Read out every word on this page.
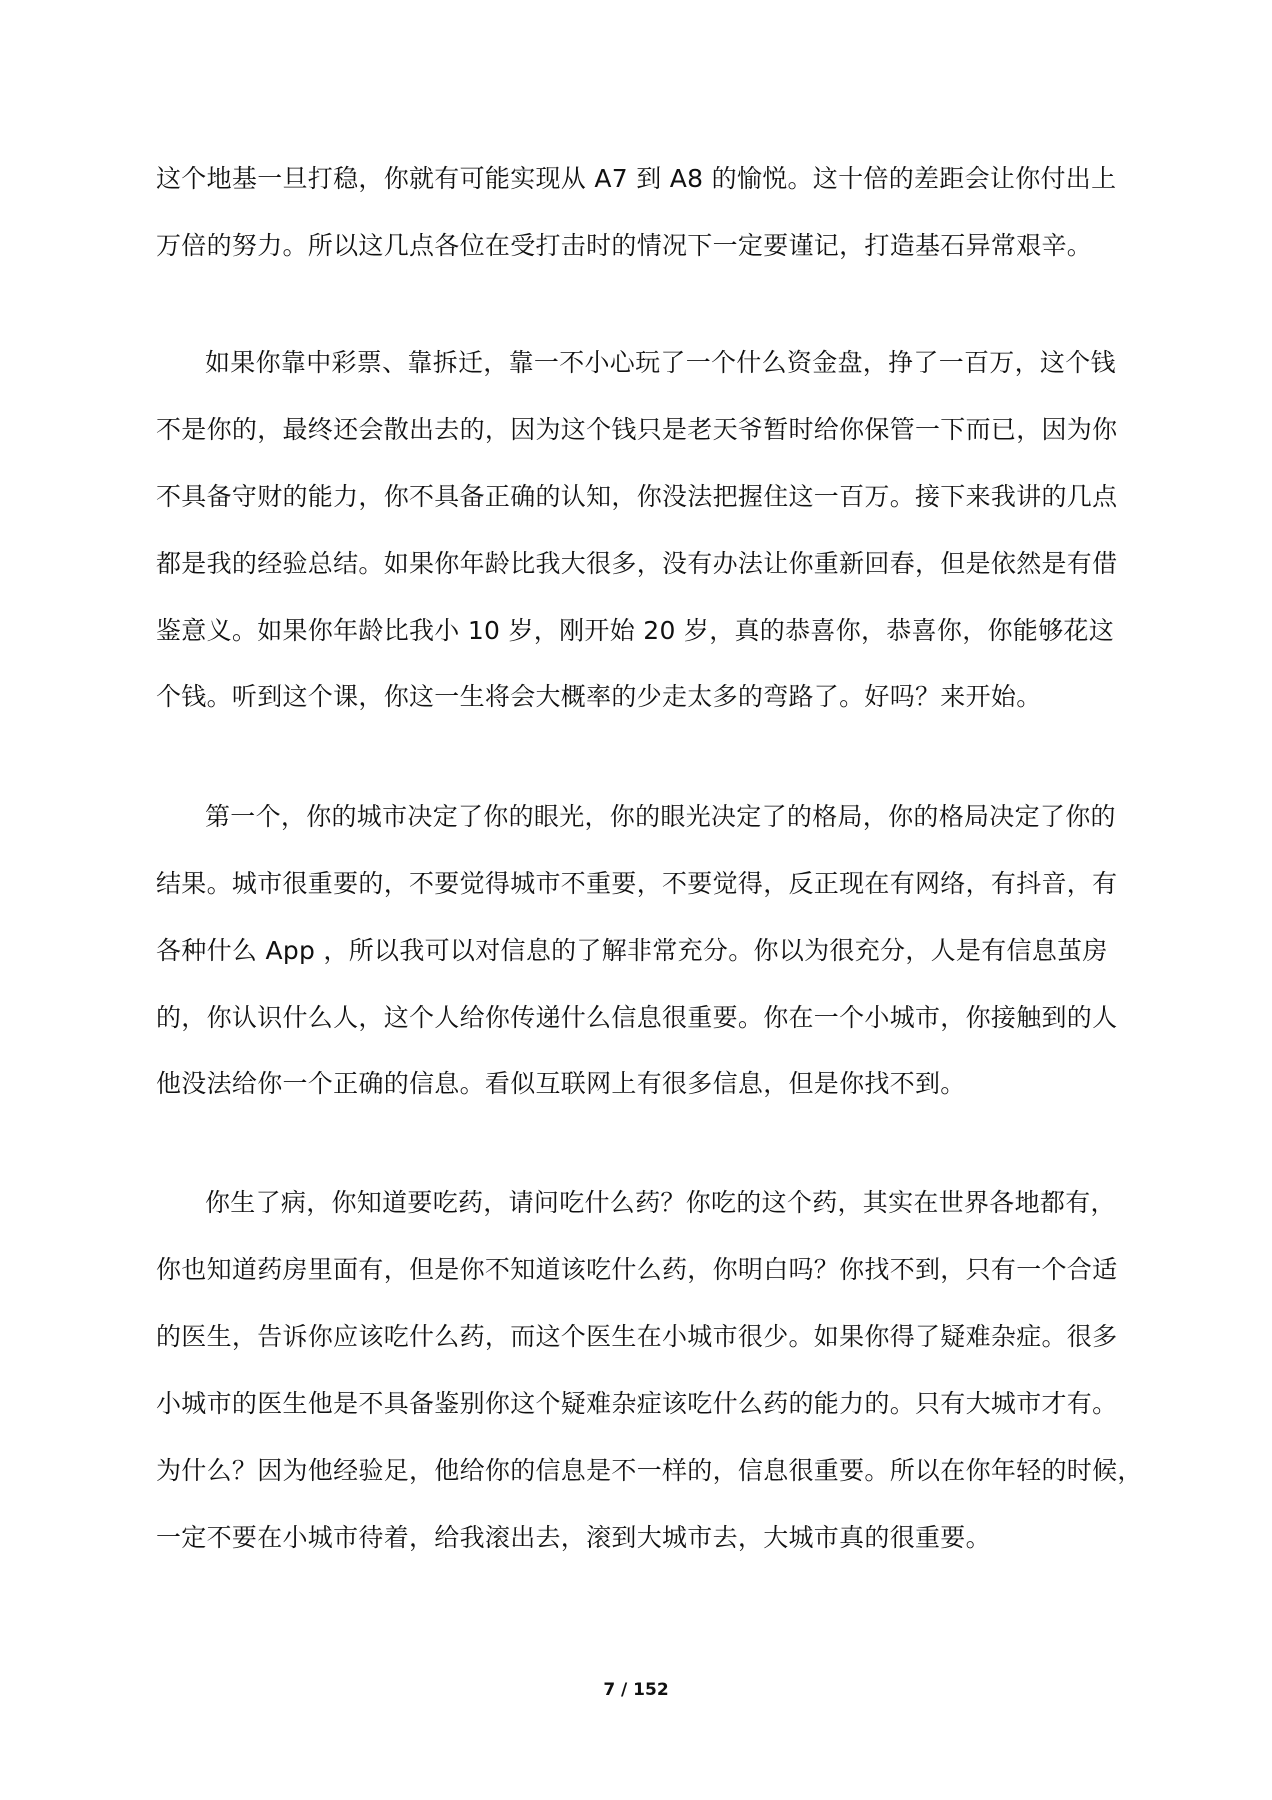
这个地基一旦打稳，你就有可能实现从 A7 到 A8 的愉悦。这十倍的差距会让你付出上
万倍的努力。所以这几点各位在受打击时的情况下一定要谨记，打造基石异常艰辛。
如果你靠中彩票、靠拆迁，靠一不小心玩了一个什么资金盘，挣了一百万，这个钱
不是你的，最终还会散出去的，因为这个钱只是老天爷暂时给你保管一下而已，因为你
不具备守财的能力，你不具备正确的认知，你没法把握住这一百万。接下来我讲的几点
都是我的经验总结。如果你年龄比我大很多，没有办法让你重新回春，但是依然是有借
鉴意义。如果你年龄比我小 10 岁，刚开始 20 岁，真的恭喜你，恭喜你，你能够花这
个钱。听到这个课，你这一生将会大概率的少走太多的弯路了。好吗？来开始。
第一个，你的城市决定了你的眼光，你的眼光决定了的格局，你的格局决定了你的
结果。城市很重要的，不要觉得城市不重要，不要觉得，反正现在有网络，有抖音，有
各种什么 App ，所以我可以对信息的了解非常充分。你以为很充分，人是有信息茧房
的，你认识什么人，这个人给你传递什么信息很重要。你在一个小城市，你接触到的人
他没法给你一个正确的信息。看似互联网上有很多信息，但是你找不到。
你生了病，你知道要吃药，请问吃什么药？你吃的这个药，其实在世界各地都有，
你也知道药房里面有，但是你不知道该吃什么药，你明白吗？你找不到，只有一个合适
的医生，告诉你应该吃什么药，而这个医生在小城市很少。如果你得了疑难杂症。很多
小城市的医生他是不具备鉴别你这个疑难杂症该吃什么药的能力的。只有大城市才有。
为什么？因为他经验足，他给你的信息是不一样的，信息很重要。所以在你年轻的时候，
一定不要在小城市待着，给我滚出去，滚到大城市去，大城市真的很重要。
7 / 152
